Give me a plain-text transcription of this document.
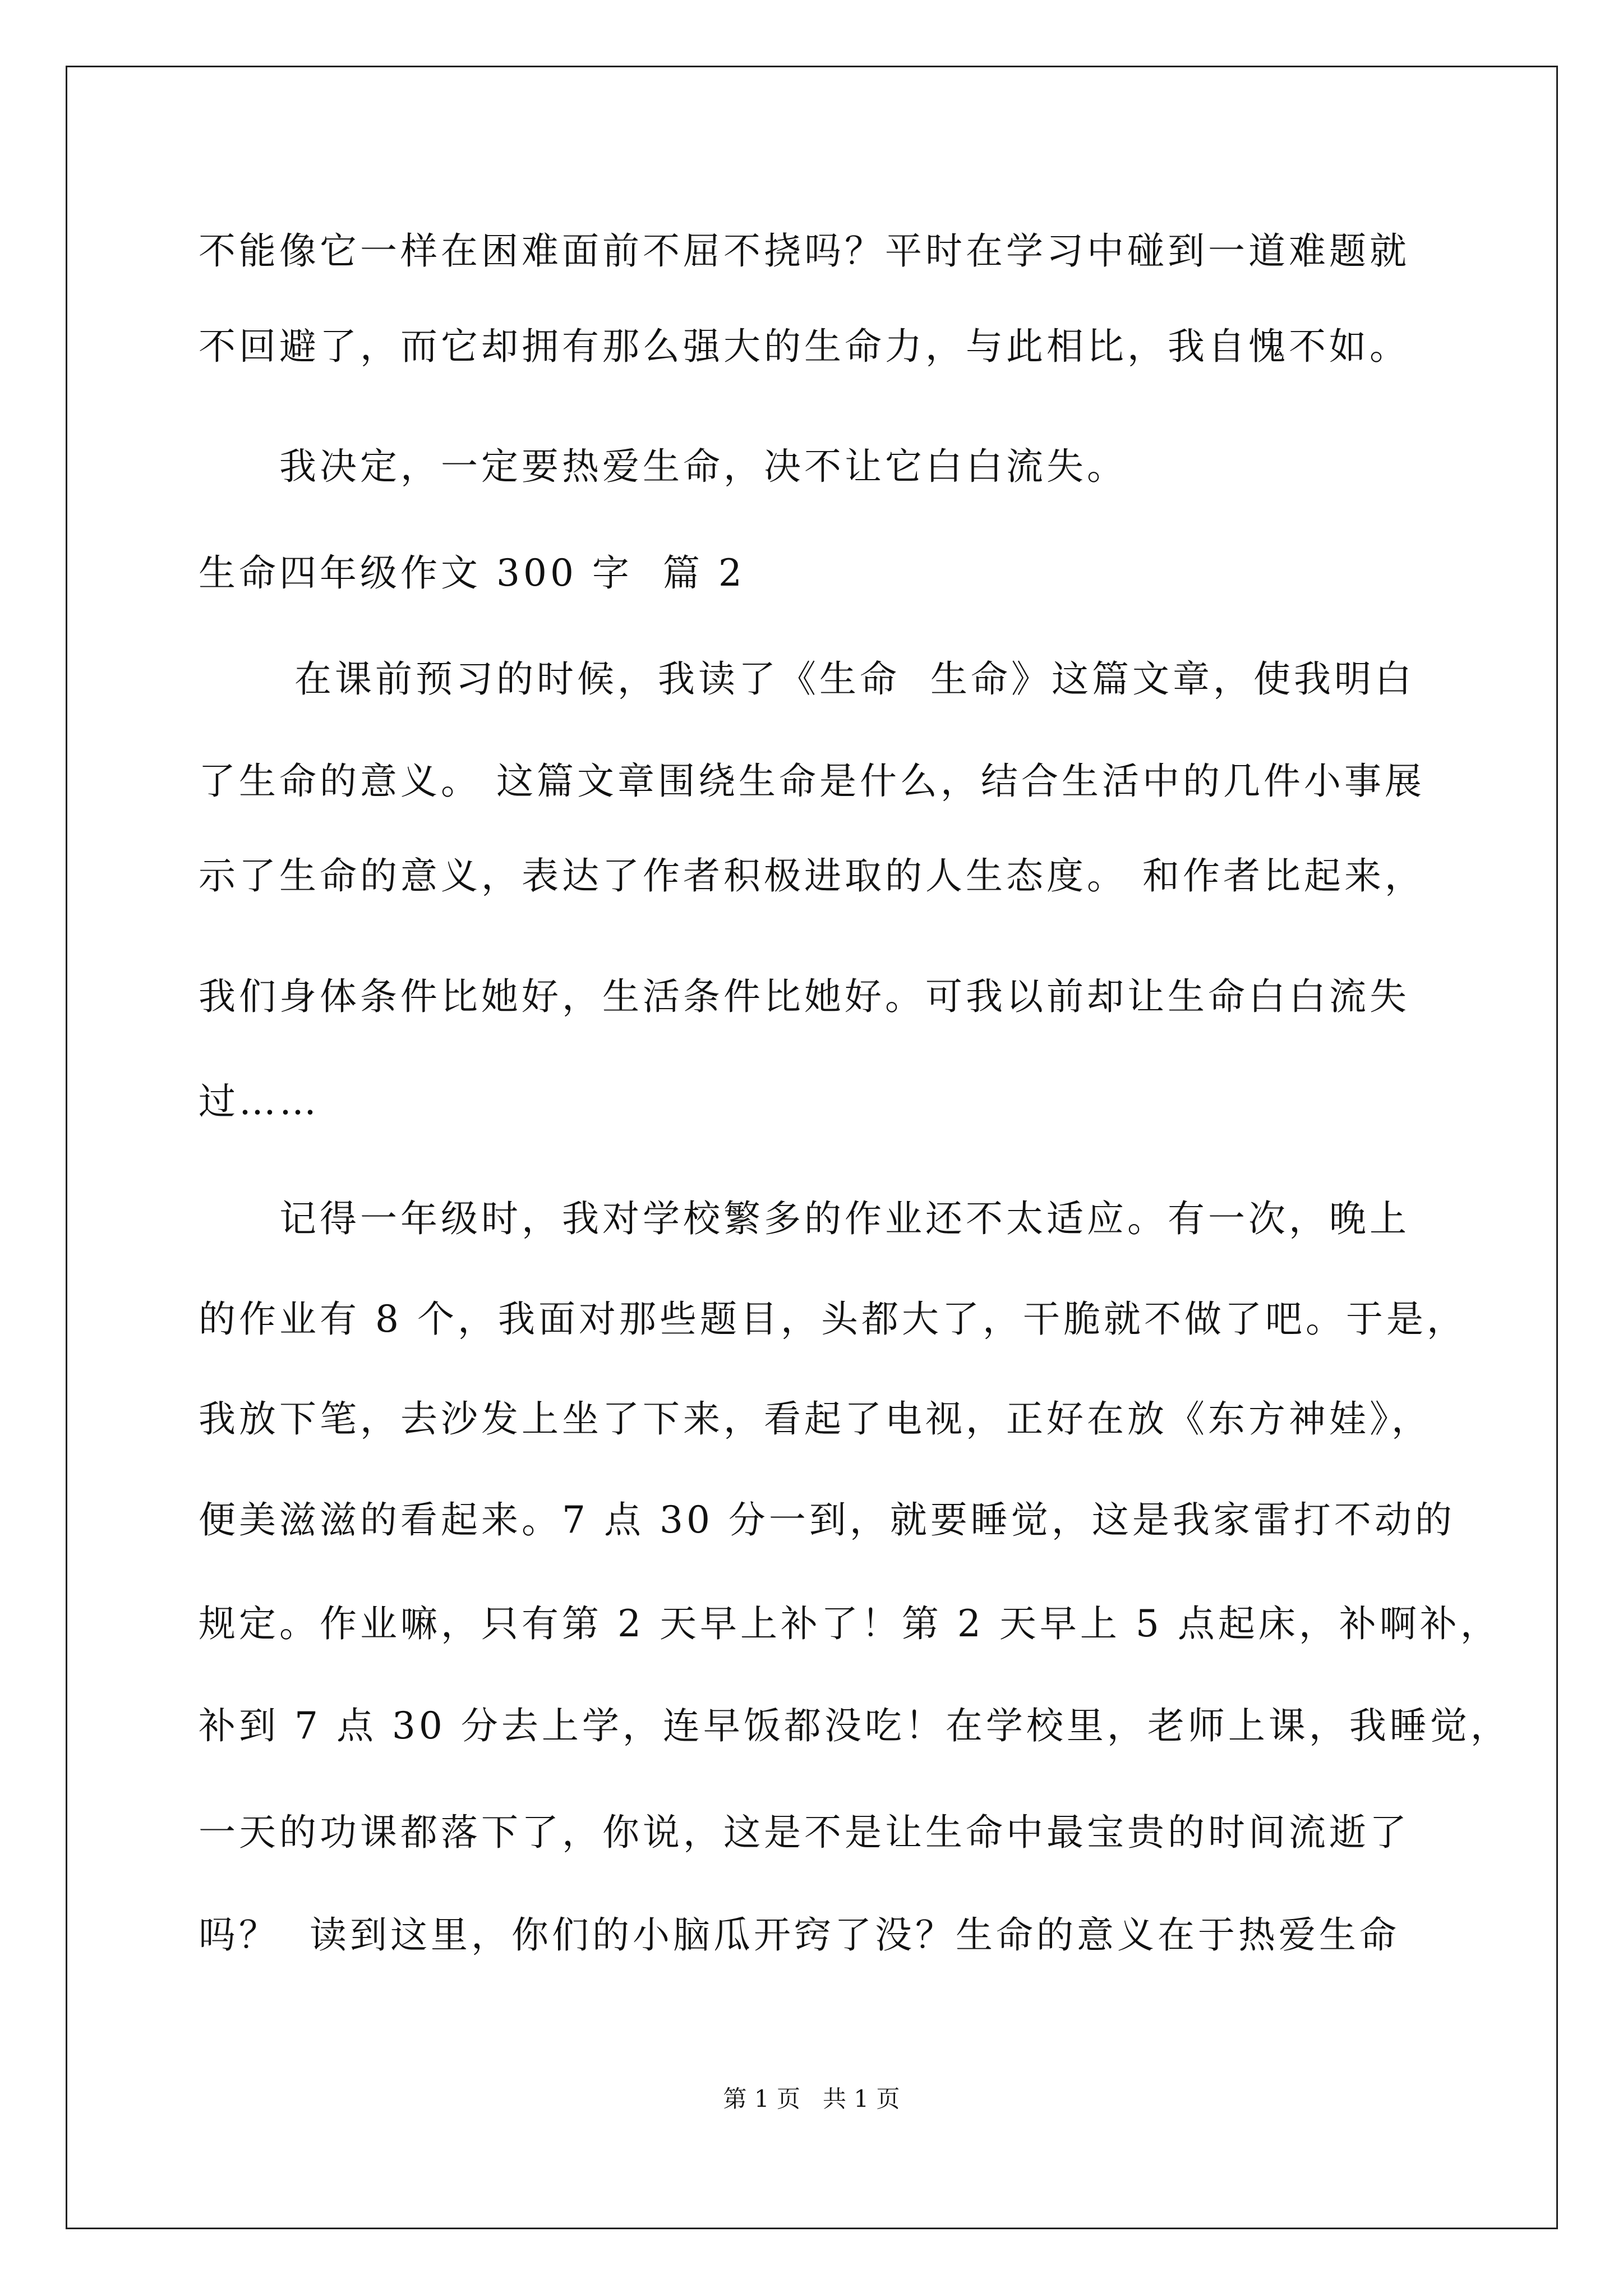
不能像它一样在困难面前不屈不挠吗？平时在学习中碰到一道难题就
不回避了，而它却拥有那么强大的生命力，与此相比，我自愧不如。
　　我决定，一定要热爱生命，决不让它白白流失。
生命四年级作文 300 字  篇 2
　　 在课前预习的时候，我读了《生命  生命》这篇文章，使我明白
了生命的意义。 这篇文章围绕生命是什么，结合生活中的几件小事展
示了生命的意义，表达了作者积极进取的人生态度。 和作者比起来，
我们身体条件比她好，生活条件比她好。可我以前却让生命白白流失
过……
　　记得一年级时，我对学校繁多的作业还不太适应。有一次，晚上
的作业有 8 个，我面对那些题目，头都大了，干脆就不做了吧。于是，
我放下笔，去沙发上坐了下来，看起了电视，正好在放《东方神娃》，
便美滋滋的看起来。7 点 30 分一到，就要睡觉，这是我家雷打不动的
规定。作业嘛，只有第 2 天早上补了！第 2 天早上 5 点起床，补啊补，
补到 7 点 30 分去上学，连早饭都没吃！在学校里，老师上课，我睡觉，
一天的功课都落下了，你说，这是不是让生命中最宝贵的时间流逝了
吗？  读到这里，你们的小脑瓜开窍了没？生命的意义在于热爱生命
第 1 页   共 1 页
